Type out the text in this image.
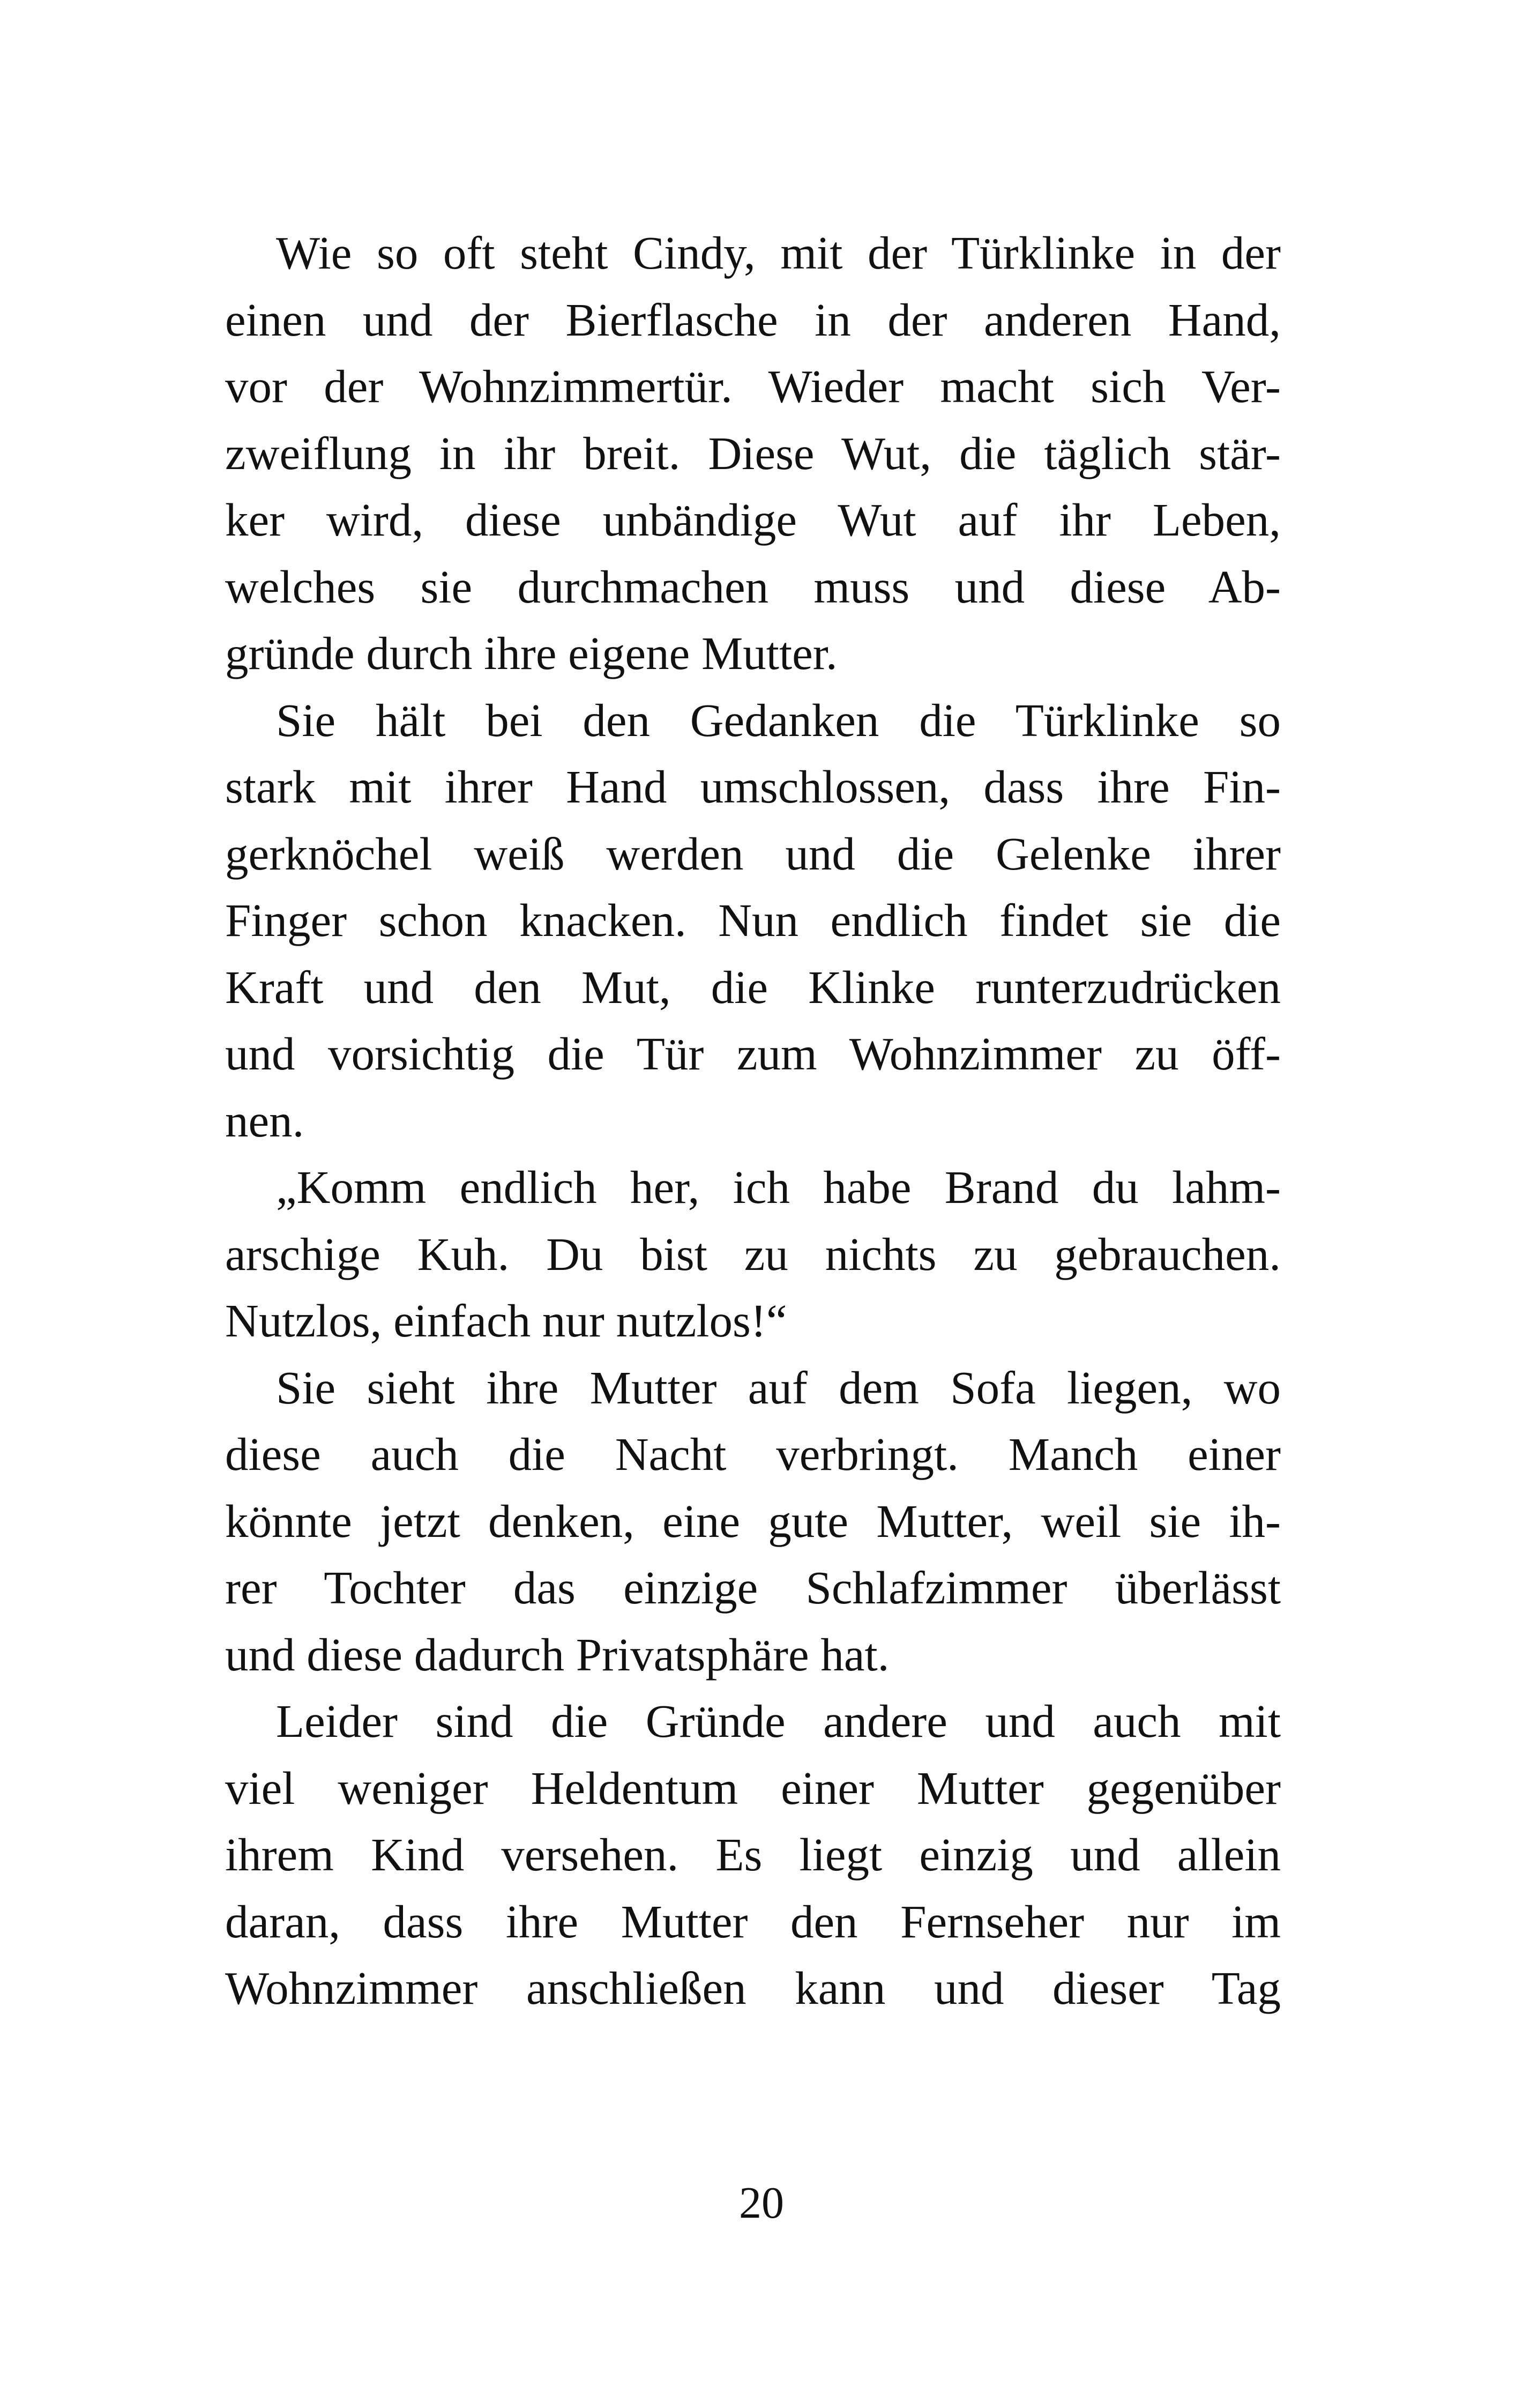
Wie so oft steht Cindy, mit der Türklinke in der
einen und der Bierflasche in der anderen Hand,
vor der Wohnzimmertür. Wieder macht sich Ver-
zweiflung in ihr breit. Diese Wut, die täglich stär-
ker wird, diese unbändige Wut auf ihr Leben,
welches sie durchmachen muss und diese Ab-
gründe durch ihre eigene Mutter.
Sie hält bei den Gedanken die Türklinke so
stark mit ihrer Hand umschlossen, dass ihre Fin-
gerknöchel weiß werden und die Gelenke ihrer
Finger schon knacken. Nun endlich findet sie die
Kraft und den Mut, die Klinke runterzudrücken
und vorsichtig die Tür zum Wohnzimmer zu öff-
nen.
„Komm endlich her, ich habe Brand du lahm-
arschige Kuh. Du bist zu nichts zu gebrauchen.
Nutzlos, einfach nur nutzlos!“
Sie sieht ihre Mutter auf dem Sofa liegen, wo
diese auch die Nacht verbringt. Manch einer
könnte jetzt denken, eine gute Mutter, weil sie ih-
rer Tochter das einzige Schlafzimmer überlässt
und diese dadurch Privatsphäre hat.
Leider sind die Gründe andere und auch mit
viel weniger Heldentum einer Mutter gegenüber
ihrem Kind versehen. Es liegt einzig und allein
daran, dass ihre Mutter den Fernseher nur im
Wohnzimmer anschließen kann und dieser Tag
20
